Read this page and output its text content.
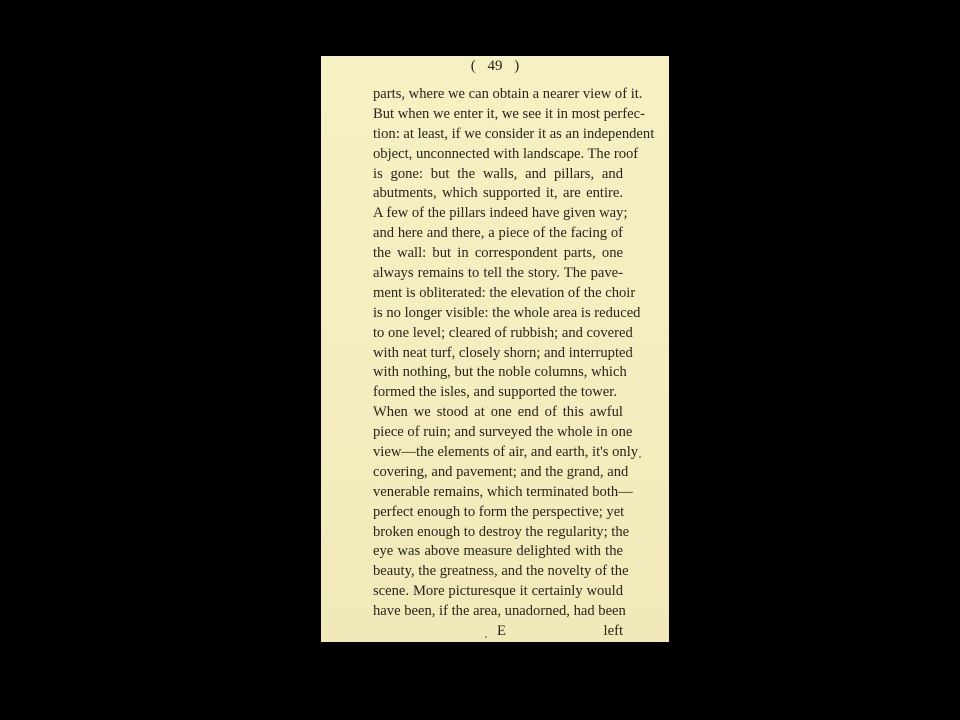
( 49 )
parts, where we can obtain a nearer view of it.
But when we enter it, we see it in most perfec-
tion: at least, if we consider it as an independent
object, unconnected with landscape. The roof
is gone: but the walls, and pillars, and
abutments, which supported it, are entire.
A few of the pillars indeed have given way;
and here and there, a piece of the facing of
the wall: but in correspondent parts, one
always remains to tell the story. The pave-
ment is obliterated: the elevation of the choir
is no longer visible: the whole area is reduced
to one level; cleared of rubbish; and covered
with neat turf, closely shorn; and interrupted
with nothing, but the noble columns, which
formed the isles, and supported the tower.
When we stood at one end of this awful
piece of ruin; and surveyed the whole in one
view—the elements of air, and earth, it's only
covering, and pavement; and the grand, and
venerable remains, which terminated both—
perfect enough to form the perspective; yet
broken enough to destroy the regularity; the
eye was above measure delighted with the
beauty, the greatness, and the novelty of the
scene. More picturesque it certainly would
have been, if the area, unadorned, had been
E	left
